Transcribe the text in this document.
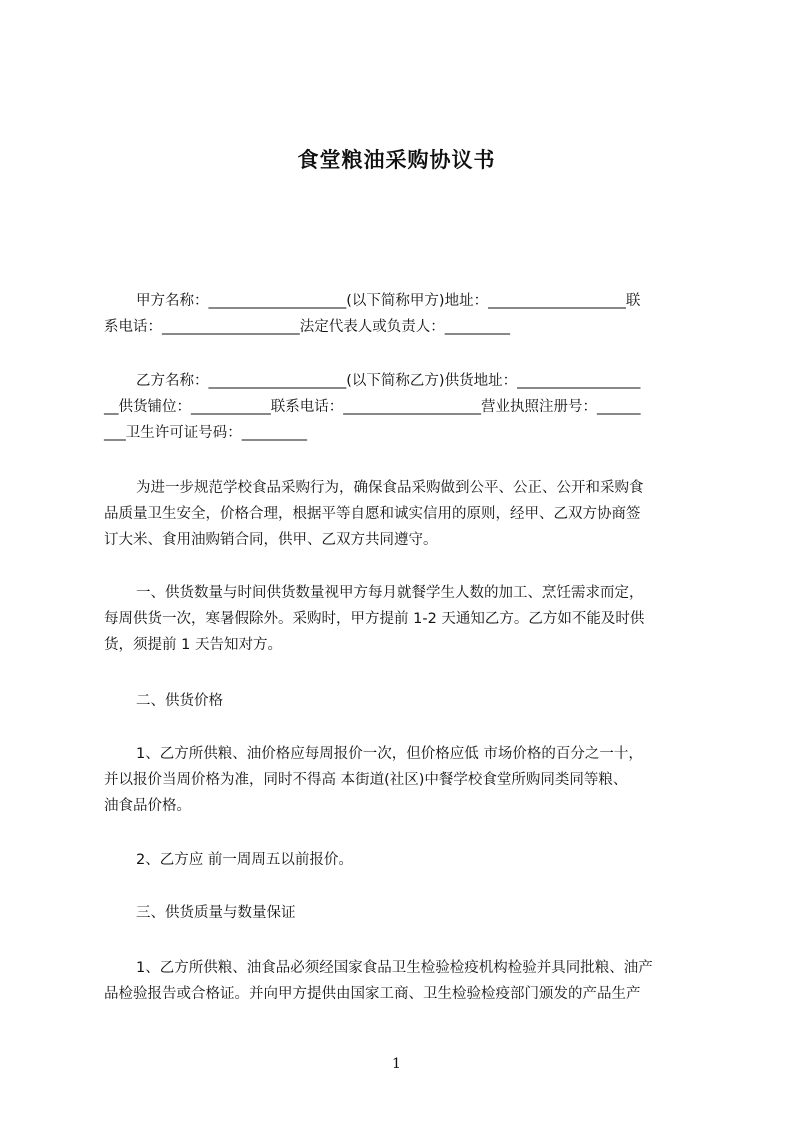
食堂粮油采购协议书
甲方名称：___________________(以下简称甲方)地址：___________________联
系电话：___________________法定代表人或负责人：_________
乙方名称：___________________(以下简称乙方)供货地址：_________________
__供货铺位：___________联系电话：___________________营业执照注册号：______
___卫生许可证号码：_________
为进一步规范学校食品采购行为，确保食品采购做到公平、公正、公开和采购食
品质量卫生安全，价格合理，根据平等自愿和诚实信用的原则，经甲、乙双方协商签
订大米、食用油购销合同，供甲、乙双方共同遵守。
一、供货数量与时间供货数量视甲方每月就餐学生人数的加工、烹饪需求而定，
每周供货一次，寒暑假除外。采购时，甲方提前 1-2 天通知乙方。乙方如不能及时供
货，须提前 1 天告知对方。
二、供货价格
1、乙方所供粮、油价格应每周报价一次，但价格应低 市场价格的百分之一十，
并以报价当周价格为准，同时不得高 本街道(社区)中餐学校食堂所购同类同等粮、
油食品价格。
2、乙方应 前一周周五以前报价。
三、供货质量与数量保证
1、乙方所供粮、油食品必须经国家食品卫生检验检疫机构检验并具同批粮、油产
品检验报告或合格证。并向甲方提供由国家工商、卫生检验检疫部门颁发的产品生产
1
